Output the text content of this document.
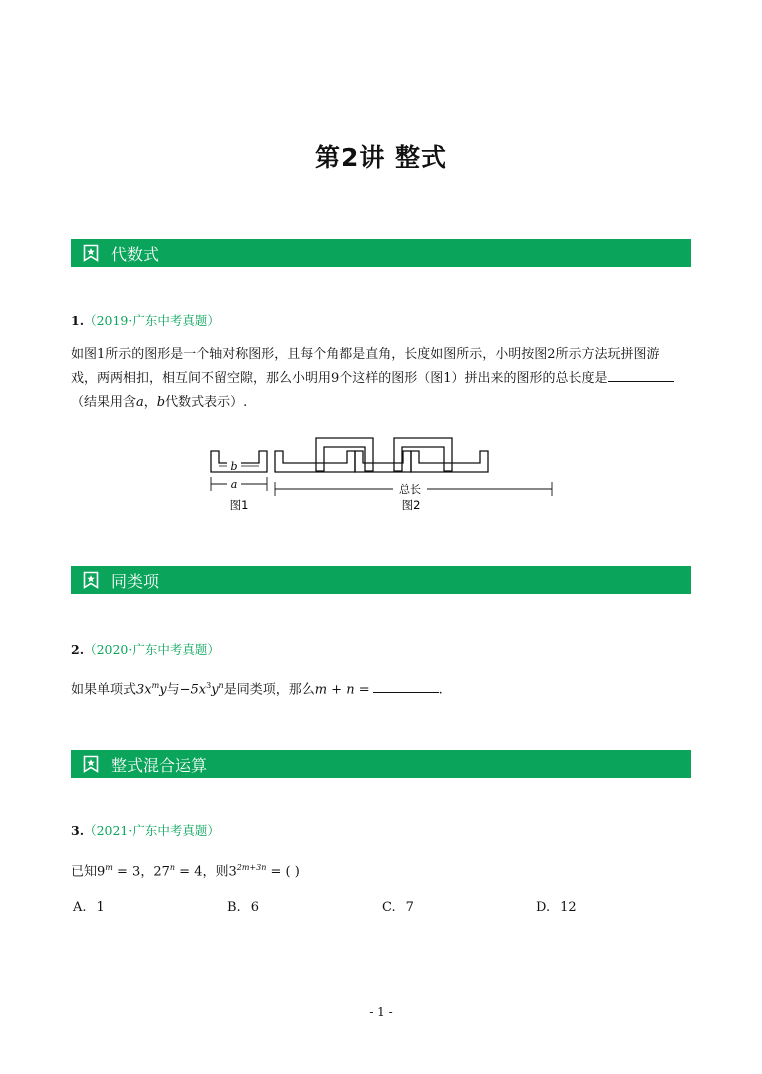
第2讲 整式
代数式
1.（2019·广东中考真题）
如图1所示的图形是一个轴对称图形，且每个角都是直角，长度如图所示，小明按图2所示方法玩拼图游
戏，两两相扣，相互间不留空隙，那么小明用9个这样的图形（图1）拼出来的图形的总长度是
（结果用含a，b代数式表示）.
b
a	总长
图1	图2
同类项
2.（2020·广东中考真题）
如果单项式$3x^my$与$-5x^3y^n$是同类项，那么m + n =	.
整式混合运算
3.（2021·广东中考真题）
已知$9^m = 3$，$27^n = 4$，则$3^{2m+3n}$ = ( )
A. 1	B. 6	C. 7	D. 12
- 1 -
